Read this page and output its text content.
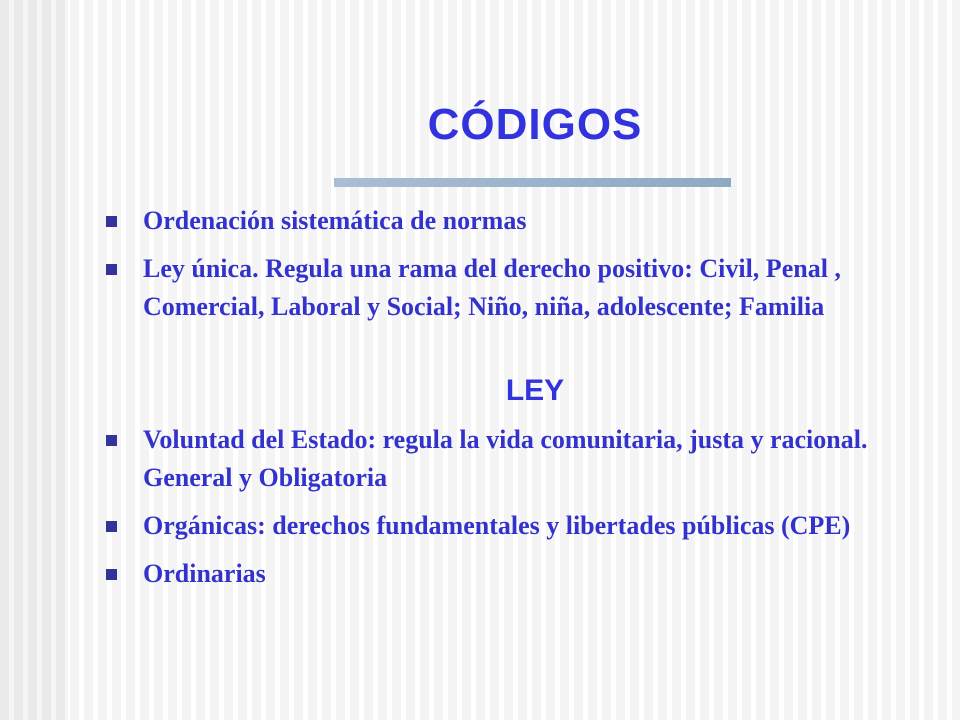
CÓDIGOS
Ordenación sistemática de normas
Ley única. Regula una rama del derecho positivo: Civil, Penal , Comercial, Laboral y Social; Niño, niña, adolescente; Familia
LEY
Voluntad del Estado: regula la vida comunitaria, justa y racional. General y Obligatoria
Orgánicas: derechos fundamentales y libertades públicas (CPE)
Ordinarias
